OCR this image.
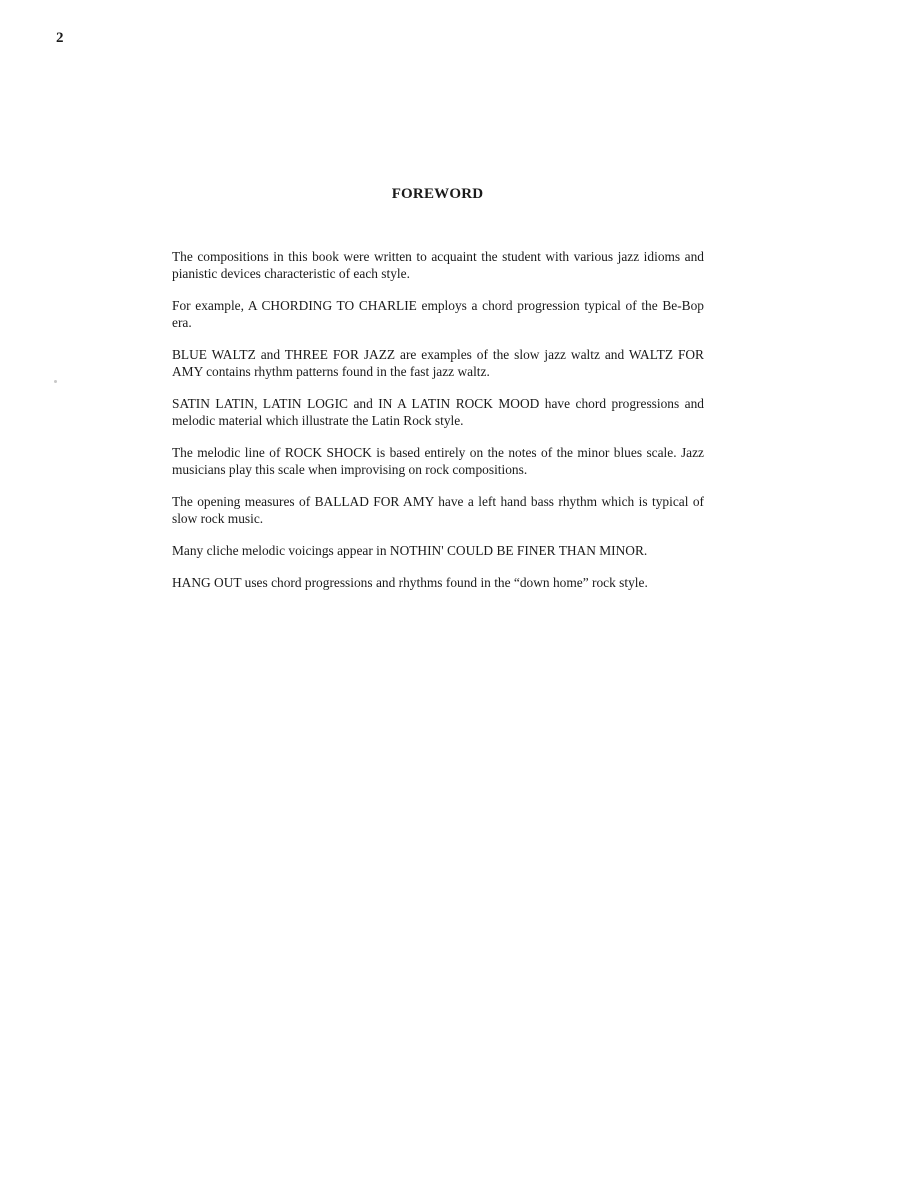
2
FOREWORD

The compositions in this book were written to acquaint the student with various jazz idioms and pianistic devices characteristic of each style.

For example, A CHORDING TO CHARLIE employs a chord progression typical of the Be-Bop era.

BLUE WALTZ and THREE FOR JAZZ are examples of the slow jazz waltz and WALTZ FOR AMY contains rhythm patterns found in the fast jazz waltz.

SATIN LATIN, LATIN LOGIC and IN A LATIN ROCK MOOD have chord progressions and melodic material which illustrate the Latin Rock style.

The melodic line of ROCK SHOCK is based entirely on the notes of the minor blues scale. Jazz musicians play this scale when improvising on rock compositions.

The opening measures of BALLAD FOR AMY have a left hand bass rhythm which is typical of slow rock music.

Many cliche melodic voicings appear in NOTHIN' COULD BE FINER THAN MINOR.

HANG OUT uses chord progressions and rhythms found in the “down home” rock style.
